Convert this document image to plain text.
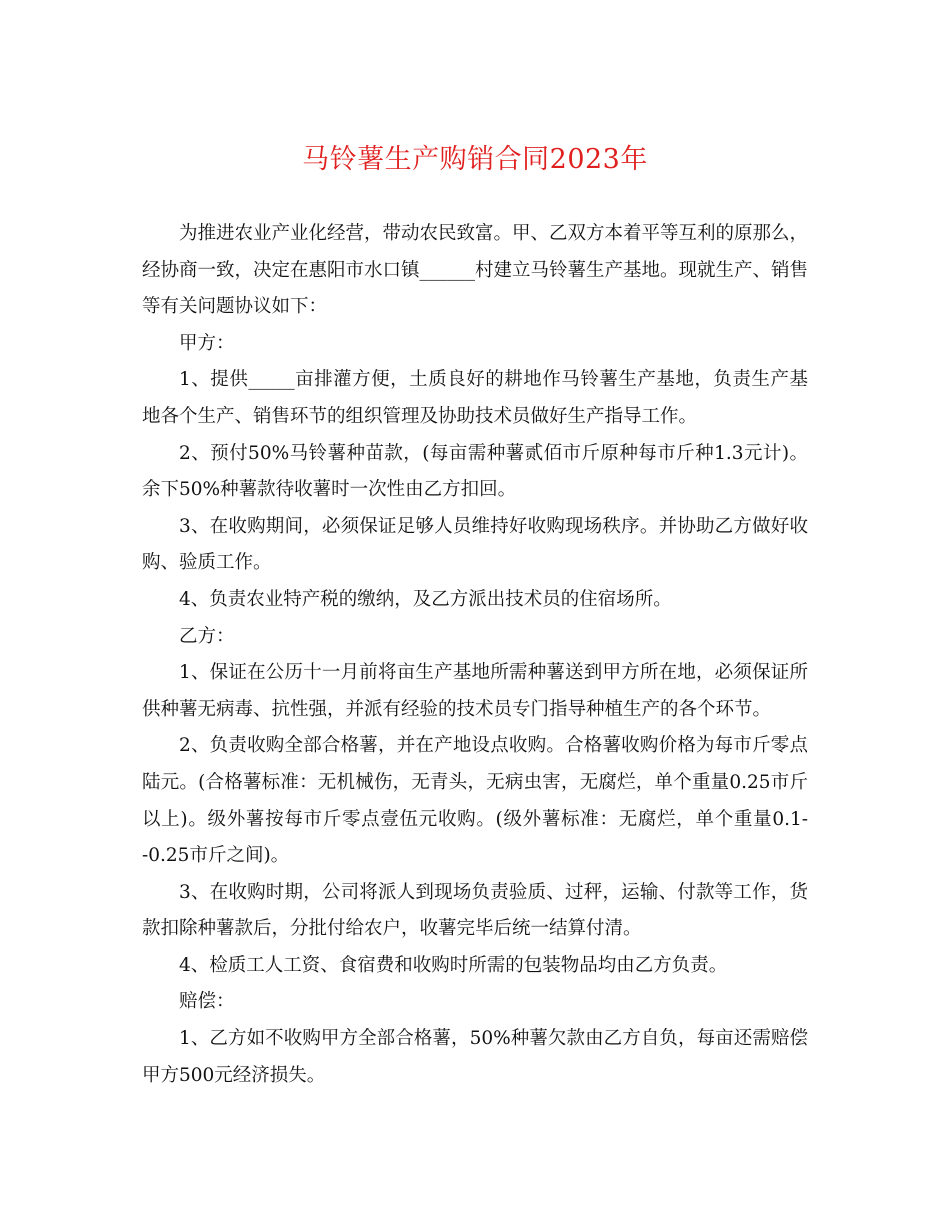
马铃薯生产购销合同2023年

为推进农业产业化经营，带动农民致富。甲、乙双方本着平等互利的原那么，经协商一致，决定在惠阳市水口镇______村建立马铃薯生产基地。现就生产、销售等有关问题协议如下：

甲方：

1、提供_____亩排灌方便，土质良好的耕地作马铃薯生产基地，负责生产基地各个生产、销售环节的组织管理及协助技术员做好生产指导工作。

2、预付50%马铃薯种苗款，(每亩需种薯贰佰市斤原种每市斤种1.3元计)。余下50%种薯款待收薯时一次性由乙方扣回。

3、在收购期间，必须保证足够人员维持好收购现场秩序。并协助乙方做好收购、验质工作。

4、负责农业特产税的缴纳，及乙方派出技术员的住宿场所。

乙方：

1、保证在公历十一月前将亩生产基地所需种薯送到甲方所在地，必须保证所供种薯无病毒、抗性强，并派有经验的技术员专门指导种植生产的各个环节。

2、负责收购全部合格薯，并在产地设点收购。合格薯收购价格为每市斤零点陆元。(合格薯标准：无机械伤，无青头，无病虫害，无腐烂，单个重量0.25市斤以上)。级外薯按每市斤零点壹伍元收购。(级外薯标准：无腐烂，单个重量0.1--0.25市斤之间)。

3、在收购时期，公司将派人到现场负责验质、过秤，运输、付款等工作，货款扣除种薯款后，分批付给农户，收薯完毕后统一结算付清。

4、检质工人工资、食宿费和收购时所需的包装物品均由乙方负责。

赔偿：

1、乙方如不收购甲方全部合格薯，50%种薯欠款由乙方自负，每亩还需赔偿甲方500元经济损失。
